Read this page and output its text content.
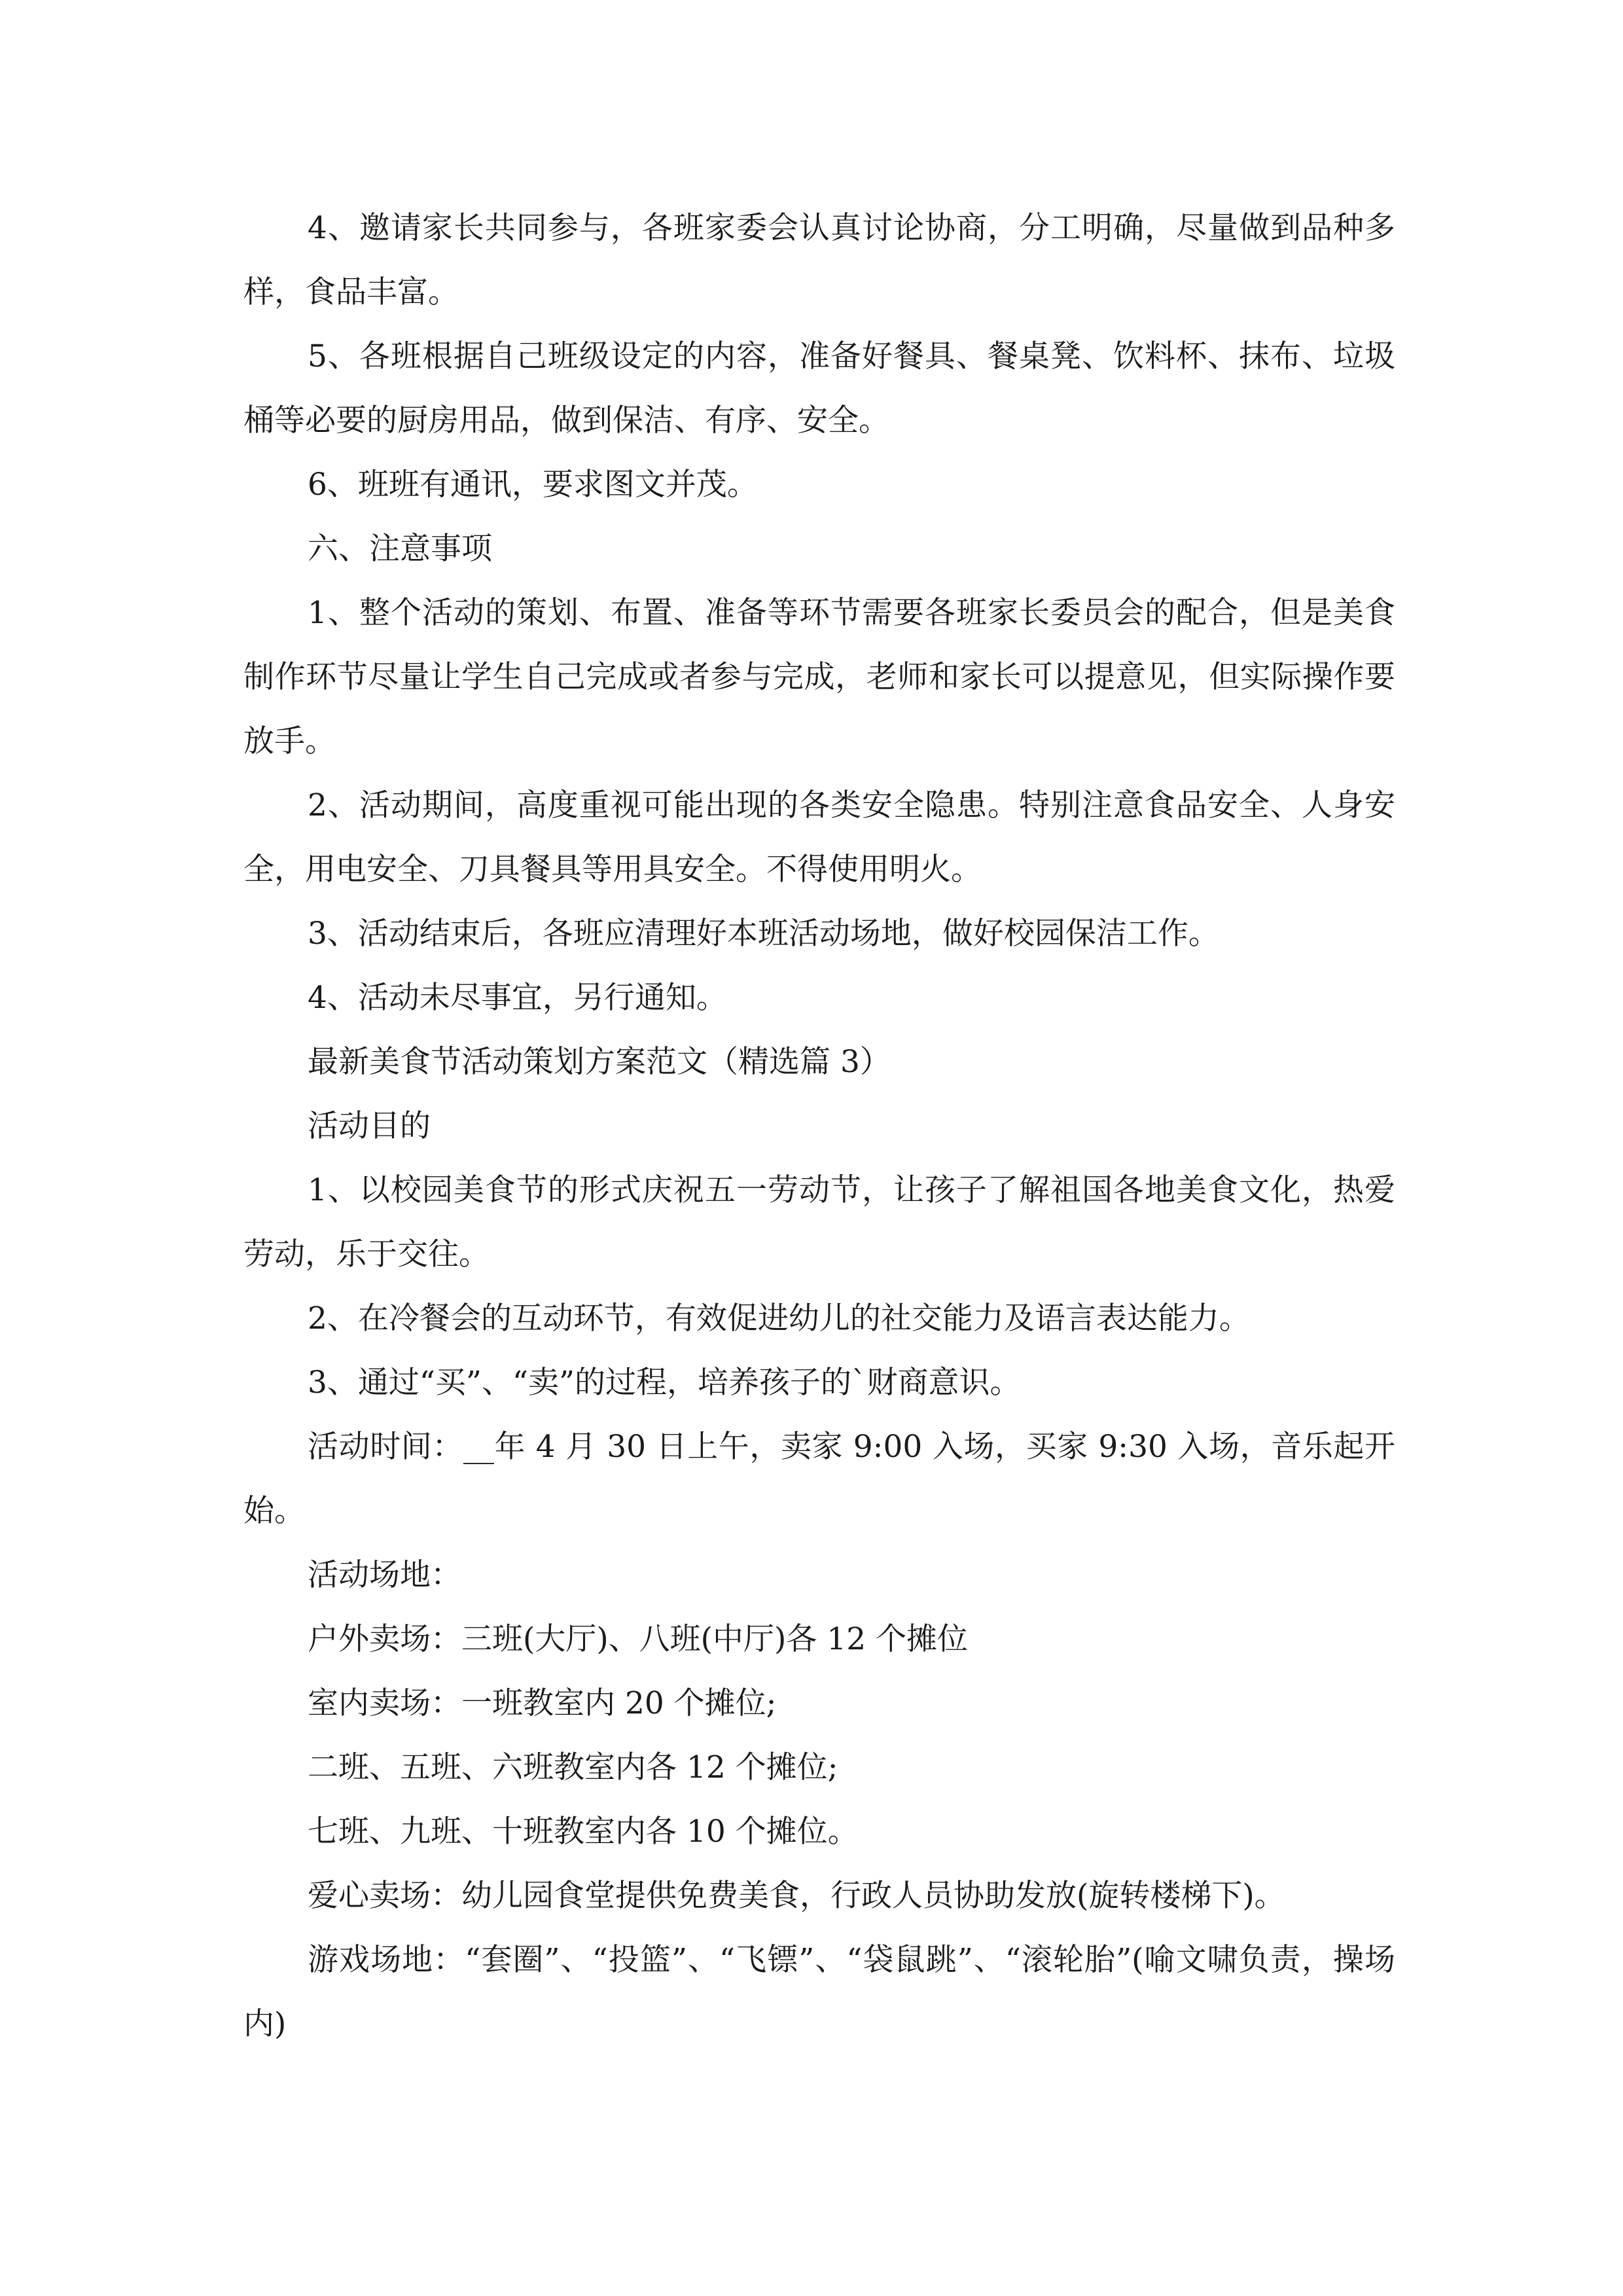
4、邀请家长共同参与，各班家委会认真讨论协商，分工明确，尽量做到品种多样，食品丰富。

5、各班根据自己班级设定的内容，准备好餐具、餐桌凳、饮料杯、抹布、垃圾桶等必要的厨房用品，做到保洁、有序、安全。

6、班班有通讯，要求图文并茂。

六、注意事项

1、整个活动的策划、布置、准备等环节需要各班家长委员会的配合，但是美食制作环节尽量让学生自己完成或者参与完成，老师和家长可以提意见，但实际操作要放手。

2、活动期间，高度重视可能出现的各类安全隐患。特别注意食品安全、人身安全，用电安全、刀具餐具等用具安全。不得使用明火。

3、活动结束后，各班应清理好本班活动场地，做好校园保洁工作。

4、活动未尽事宜，另行通知。

最新美食节活动策划方案范文（精选篇 3）

活动目的

1、以校园美食节的形式庆祝五一劳动节，让孩子了解祖国各地美食文化，热爱劳动，乐于交往。

2、在冷餐会的互动环节，有效促进幼儿的社交能力及语言表达能力。

3、通过“买”、“卖”的过程，培养孩子的`财商意识。

活动时间：__年 4 月 30 日上午，卖家 9:00 入场，买家 9:30 入场，音乐起开始。

活动场地：

户外卖场：三班(大厅)、八班(中厅)各 12 个摊位

室内卖场：一班教室内 20 个摊位;

二班、五班、六班教室内各 12 个摊位;

七班、九班、十班教室内各 10 个摊位。

爱心卖场：幼儿园食堂提供免费美食，行政人员协助发放(旋转楼梯下)。

游戏场地：“套圈”、“投篮”、“飞镖”、“袋鼠跳”、“滚轮胎”(喻文啸负责，操场内)
